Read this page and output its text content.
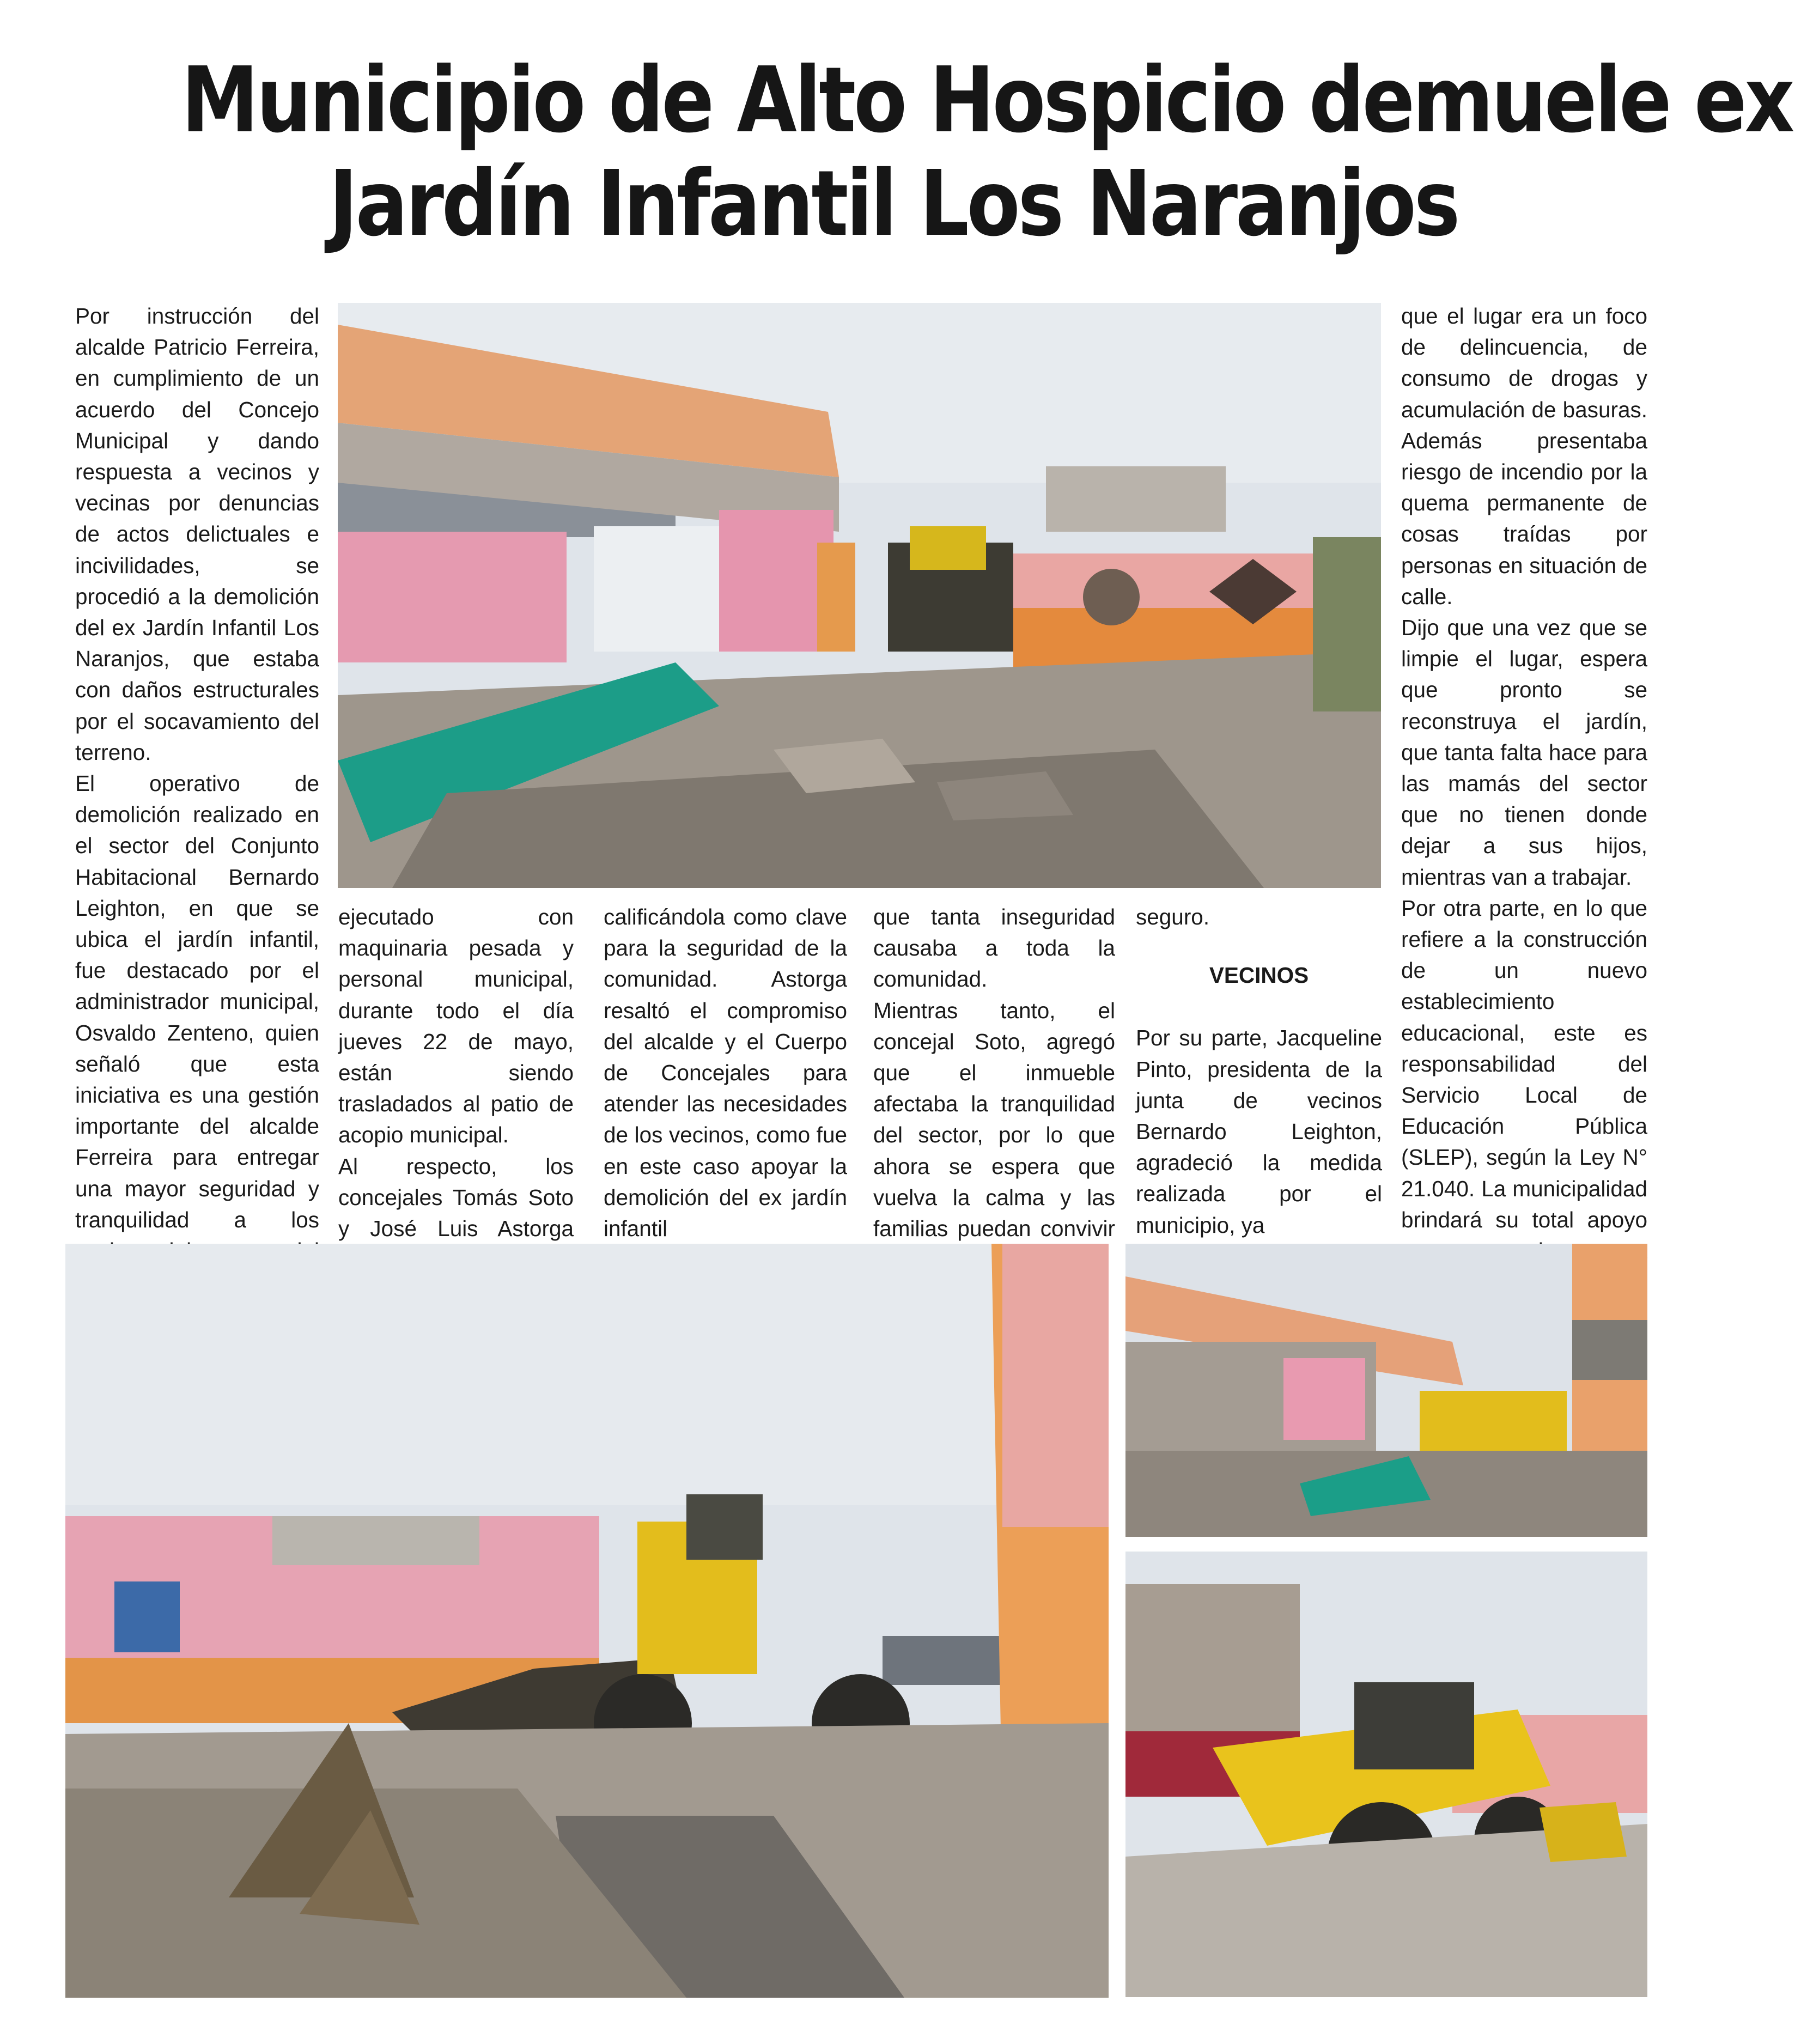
Municipio de Alto Hospicio demuele ex
Jardín Infantil Los Naranjos

Por instrucción del alcalde Patricio Ferreira, en cumplimiento de un acuerdo del Concejo Municipal y dando respuesta a vecinos y vecinas por denuncias de actos delictuales e incivilidades, se procedió a la demolición del ex Jardín Infantil Los Naranjos, que estaba con daños estructurales por el socavamiento del terreno.

El operativo de demolición realizado en el sector del Conjunto Habitacional Bernardo Leighton, en que se ubica el jardín infantil, fue destacado por el administrador municipal, Osvaldo Zenteno, quien señaló que esta iniciativa es una gestión importante del alcalde Ferreira para entregar una mayor seguridad y tranquilidad a los

ejecutado con maquinaria pesada y personal municipal, durante todo el día jueves 22 de mayo, están siendo trasladados al patio de acopio municipal.

Al respecto, los concejales Tomás Soto y José Luis Astorga

calificándola como clave para la seguridad de la comunidad. Astorga resaltó el compromiso del alcalde y el Cuerpo de Concejales para atender las necesidades de los vecinos, como fue en este caso apoyar la demolición del ex jardín infantil

que tanta inseguridad causaba a toda la comunidad.

Mientras tanto, el concejal Soto, agregó que el inmueble afectaba la tranquilidad del sector, por lo que ahora se espera que vuelva la calma y las familias puedan convivir

seguro.

VECINOS

Por su parte, Jacqueline Pinto, presidenta de la junta de vecinos Bernardo Leighton, agradeció la medida realizada por el municipio, ya

que el lugar era un foco de delincuencia, de consumo de drogas y acumulación de basuras. Además presentaba riesgo de incendio por la quema permanente de cosas traídas por personas en situación de calle.

Dijo que una vez que se limpie el lugar, espera que pronto se reconstruya el jardín, que tanta falta hace para las mamás del sector que no tienen donde dejar a sus hijos, mientras van a trabajar.

Por otra parte, en lo que refiere a la construcción de un nuevo establecimiento educacional, este es responsabilidad del Servicio Local de Educación Pública (SLEP), según la Ley N° 21.040. La municipalidad brindará su total apoyo
